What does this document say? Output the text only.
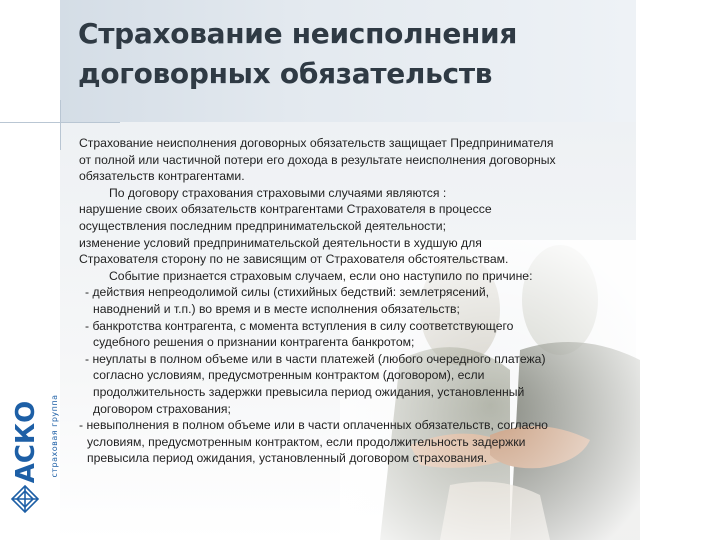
Страхование неисполнения договорных обязательств

Страхование неисполнения договорных обязательств защищает Предпринимателя от полной или частичной потери его дохода в результате неисполнения договорных обязательств контрагентами.

По договору страхования страховыми случаями являются :

нарушение своих обязательств контрагентами Страхователя в процессе осуществления последним предпринимательской деятельности;

изменение условий предпринимательской деятельности в худшую для Страхователя сторону по не зависящим от Страхователя обстоятельствам.

Событие признается страховым случаем, если оно наступило по причине:

- действия непреодолимой силы (стихийных бедствий: землетрясений, наводнений и т.п.) во время и в месте исполнения обязательств;

- банкротства контрагента, с момента вступления в силу соответствующего судебного решения о признании контрагента банкротом;

- неуплаты в полном объеме или в части платежей (любого очередного платежа) согласно условиям, предусмотренным контрактом (договором), если продолжительность задержки превысила период ожидания, установленный договором страхования;

- невыполнения в полном объеме или в части оплаченных обязательств, согласно условиям, предусмотренным контрактом, если продолжительность задержки превысила период ожидания, установленный договором страхования.

АСКО страховая группа
